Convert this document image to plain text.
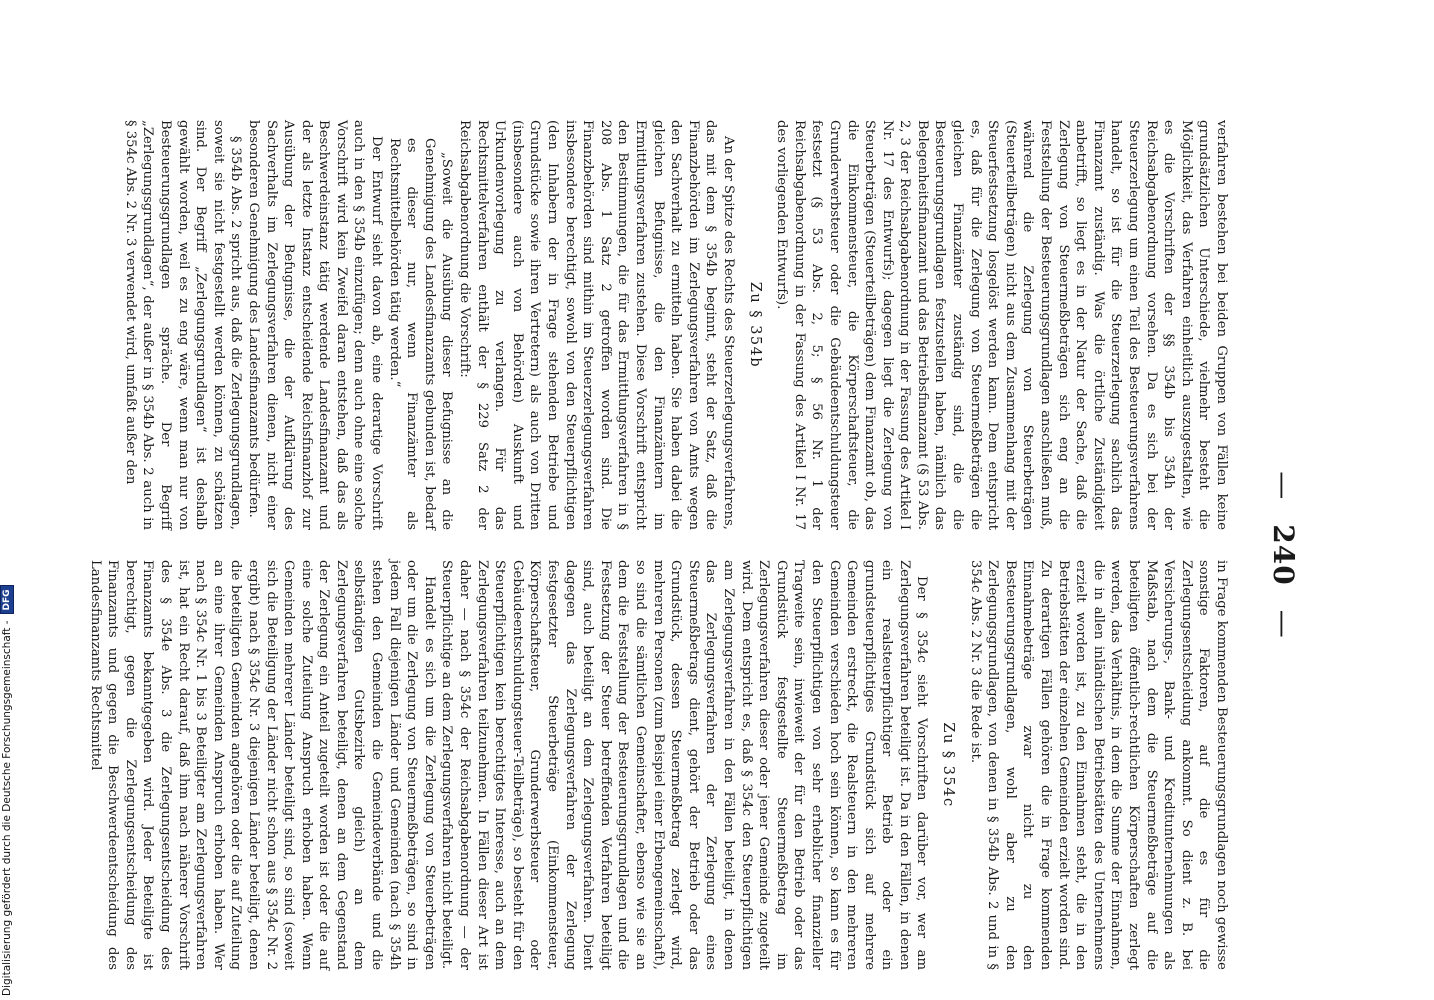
—240—

verfahren bestehen bei beiden Gruppen von Fällen keine grundsätzlichen Unterschiede, vielmehr besteht die Möglichkeit, das Verfahren einheitlich auszugestalten, wie es die Vorschriften der §§ 354b bis 354h der Reichsabgabenordnung vorsehen. Da es sich bei der Steuerzerlegung um einen Teil des Besteuerungsverfahrens handelt, so ist für die Steuerzerlegung sachlich das Finanzamt zuständig. Was die örtliche Zuständigkeit anbetrifft, so liegt es in der Natur der Sache, daß die Zerlegung von Steuermeßbeträgen sich eng an die Feststellung der Besteuerungsgrundlagen anschließen muß, während die Zerlegung von Steuerbeträgen (Steuerteilbeträgen) nicht aus dem Zusammenhang mit der Steuerfestsetzung losgelöst werden kann. Dem entspricht es, daß für die Zerlegung von Steuermeßbeträgen die gleichen Finanzämter zuständig sind, die die Besteuerungsgrundlagen festzustellen haben, nämlich das Belegenheitsfinanzamt und das Betriebsfinanzamt (§ 53 Abs. 2, 3 der Reichsabgabenordnung in der Fassung des Artikel I Nr. 17 des Entwurfs); dagegen liegt die Zerlegung von Steuerbeträgen (Steuerteilbeträgen) dem Finanzamt ob, das die Einkommensteuer, die Körperschaftsteuer, die Grunderwerbsteuer oder die Gebäudeentschuldungsteuer festsetzt (§ 53 Abs. 2, 5; § 56 Nr. 1 der Reichsabgabenordnung in der Fassung des Artikel I Nr. 17 des vorliegenden Entwurfs).

Zu § 354b

An der Spitze des Rechts des Steuerzerlegungsverfahrens, das mit dem § 354b beginnt, steht der Satz, daß die Finanzbehörden im Zerlegungsverfahren von Amts wegen den Sachverhalt zu ermitteln haben. Sie haben dabei die gleichen Befugnisse, die den Finanzämtern im Ermittlungsverfahren zustehen. Diese Vorschrift entspricht den Bestimmungen, die für das Ermittlungsverfahren in § 208 Abs. 1 Satz 2 getroffen worden sind. Die Finanzbehörden sind mithin im Steuerzerlegungsverfahren insbesondere berechtigt, sowohl von den Steuerpflichtigen (den Inhabern der in Frage stehenden Betriebe und Grundstücke sowie ihren Vertretern) als auch von Dritten (insbesondere auch von Behörden) Auskunft und Urkundenvorlegung zu verlangen. Für das Rechtsmittelverfahren enthält der § 229 Satz 2 der Reichsabgabenordnung die Vorschrift:

„Soweit die Ausübung dieser Befugnisse an die Genehmigung des Landesfinanzamts gebunden ist, bedarf es dieser nur, wenn Finanzämter als Rechtsmittelbehörden tätig werden.“

Der Entwurf sieht davon ab, eine derartige Vorschrift auch in den § 354b einzufügen; denn auch ohne eine solche Vorschrift wird kein Zweifel daran entstehen, daß das als Beschwerdeinstanz tätig werdende Landesfinanzamt und der als letzte Instanz entscheidende Reichsfinanzhof zur Ausübung der Befugnisse, die der Aufklärung des Sachverhalts im Zerlegungsverfahren dienen, nicht einer besonderen Genehmigung des Landesfinanzamts bedürfen.

§ 354b Abs. 2 spricht aus, daß die Zerlegungsgrundlagen, soweit sie nicht festgestellt werden können, zu schätzen sind. Der Begriff „Zerlegungsgrundlagen“ ist deshalb gewählt worden, weil es zu eng wäre, wenn man nur von Besteuerungsgrundlagen spräche. Der Begriff „Zerlegungsgrundlagen“, der außer in § 354b Abs. 2 auch in § 354c Abs. 2 Nr. 3 verwendet wird, umfaßt außer den

in Frage kommenden Besteuerungsgrundlagen noch gewisse sonstige Faktoren, auf die es für die Zerlegungsentscheidung ankommt. So dient z. B. bei Versicherungs-, Bank- und Kreditunternehmungen als Maßstab, nach dem die Steuermeßbeträge auf die beteiligten öffentlich-rechtlichen Körperschaften zerlegt werden, das Verhältnis, in dem die Summe der Einnahmen, die in allen inländischen Betriebstätten des Unternehmens erzielt worden ist, zu den Einnahmen steht, die in den Betriebstätten der einzelnen Gemeinden erzielt worden sind. Zu derartigen Fällen gehören die in Frage kommenden Einnahmebeträge zwar nicht zu den Besteuerungsgrundlagen, wohl aber zu den Zerlegungsgrundlagen, von denen in § 354b Abs. 2 und in § 354c Abs. 2 Nr. 3 die Rede ist.

Zu § 354c

Der § 354c sieht Vorschriften darüber vor, wer am Zerlegungsverfahren beteiligt ist. Da in den Fällen, in denen ein realsteuerpflichtiger Betrieb oder ein grundsteuerpflichtiges Grundstück sich auf mehrere Gemeinden erstreckt, die Realsteuern in den mehreren Gemeinden verschieden hoch sein können, so kann es für den Steuerpflichtigen von sehr erheblicher finanzieller Tragweite sein, inwieweit der für den Betrieb oder das Grundstück festgestellte Steuermeßbetrag im Zerlegungsverfahren dieser oder jener Gemeinde zugeteilt wird. Dem entspricht es, daß § 354c den Steuerpflichtigen am Zerlegungsverfahren in den Fällen beteiligt, in denen das Zerlegungsverfahren der Zerlegung eines Steuermeßbetrags dient, gehört der Betrieb oder das Grundstück, dessen Steuermeßbetrag zerlegt wird, mehreren Personen (zum Beispiel einer Erbengemeinschaft), so sind die sämtlichen Gemeinschafter, ebenso wie sie an dem die Feststellung der Besteuerungsgrundlagen und die Festsetzung der Steuer betreffenden Verfahren beteiligt sind, auch beteiligt an dem Zerlegungsverfahren. Dient dagegen das Zerlegungsverfahren der Zerlegung festgesetzter Steuerbeträge (Einkommensteuer, Körperschaftsteuer, Grunderwerbsteuer oder Gebäudeentschuldungsteuer-Teilbeträge), so besteht für den Steuerpflichtigen kein berechtigtes Interesse, auch an dem Zerlegungsverfahren teilzunehmen. In Fällen dieser Art ist daher — nach § 354c der Reichsabgabenordnung — der Steuerpflichtige an dem Zerlegungsverfahren nicht beteiligt.

Handelt es sich um die Zerlegung von Steuerbeträgen oder um die Zerlegung von Steuermeßbeträgen, so sind in jedem Fall diejenigen Länder und Gemeinden (nach § 354h stehen den Gemeinden die Gemeindeverbände und die selbständigen Gutsbezirke gleich) an dem Zerlegungsverfahren beteiligt, denen an dem Gegenstand der Zerlegung ein Anteil zugeteilt worden ist oder die auf eine solche Zuteilung Anspruch erhoben haben. Wenn Gemeinden mehrerer Länder beteiligt sind, so sind (soweit sich die Beteiligung der Länder nicht schon aus § 354c Nr. 2 ergibt) nach § 354c Nr. 3 diejenigen Länder beteiligt, denen die beteiligten Gemeinden angehören oder die auf Zuteilung an eine ihrer Gemeinden Anspruch erhoben haben. Wer nach § 354c Nr. 1 bis 3 Beteiligter am Zerlegungsverfahren ist, hat ein Recht darauf, daß ihm nach näherer Vorschrift des § 354e Abs. 3 die Zerlegungsentscheidung des Finanzamts bekanntgegeben wird. Jeder Beteiligte ist berechtigt, gegen die Zerlegungsentscheidung des Finanzamts und gegen die Beschwerdeentscheidung des Landesfinanzamts Rechtsmittel

Digitalisierung gefördert durch die Deutsche Forschungsgemeinschaft -DFG
